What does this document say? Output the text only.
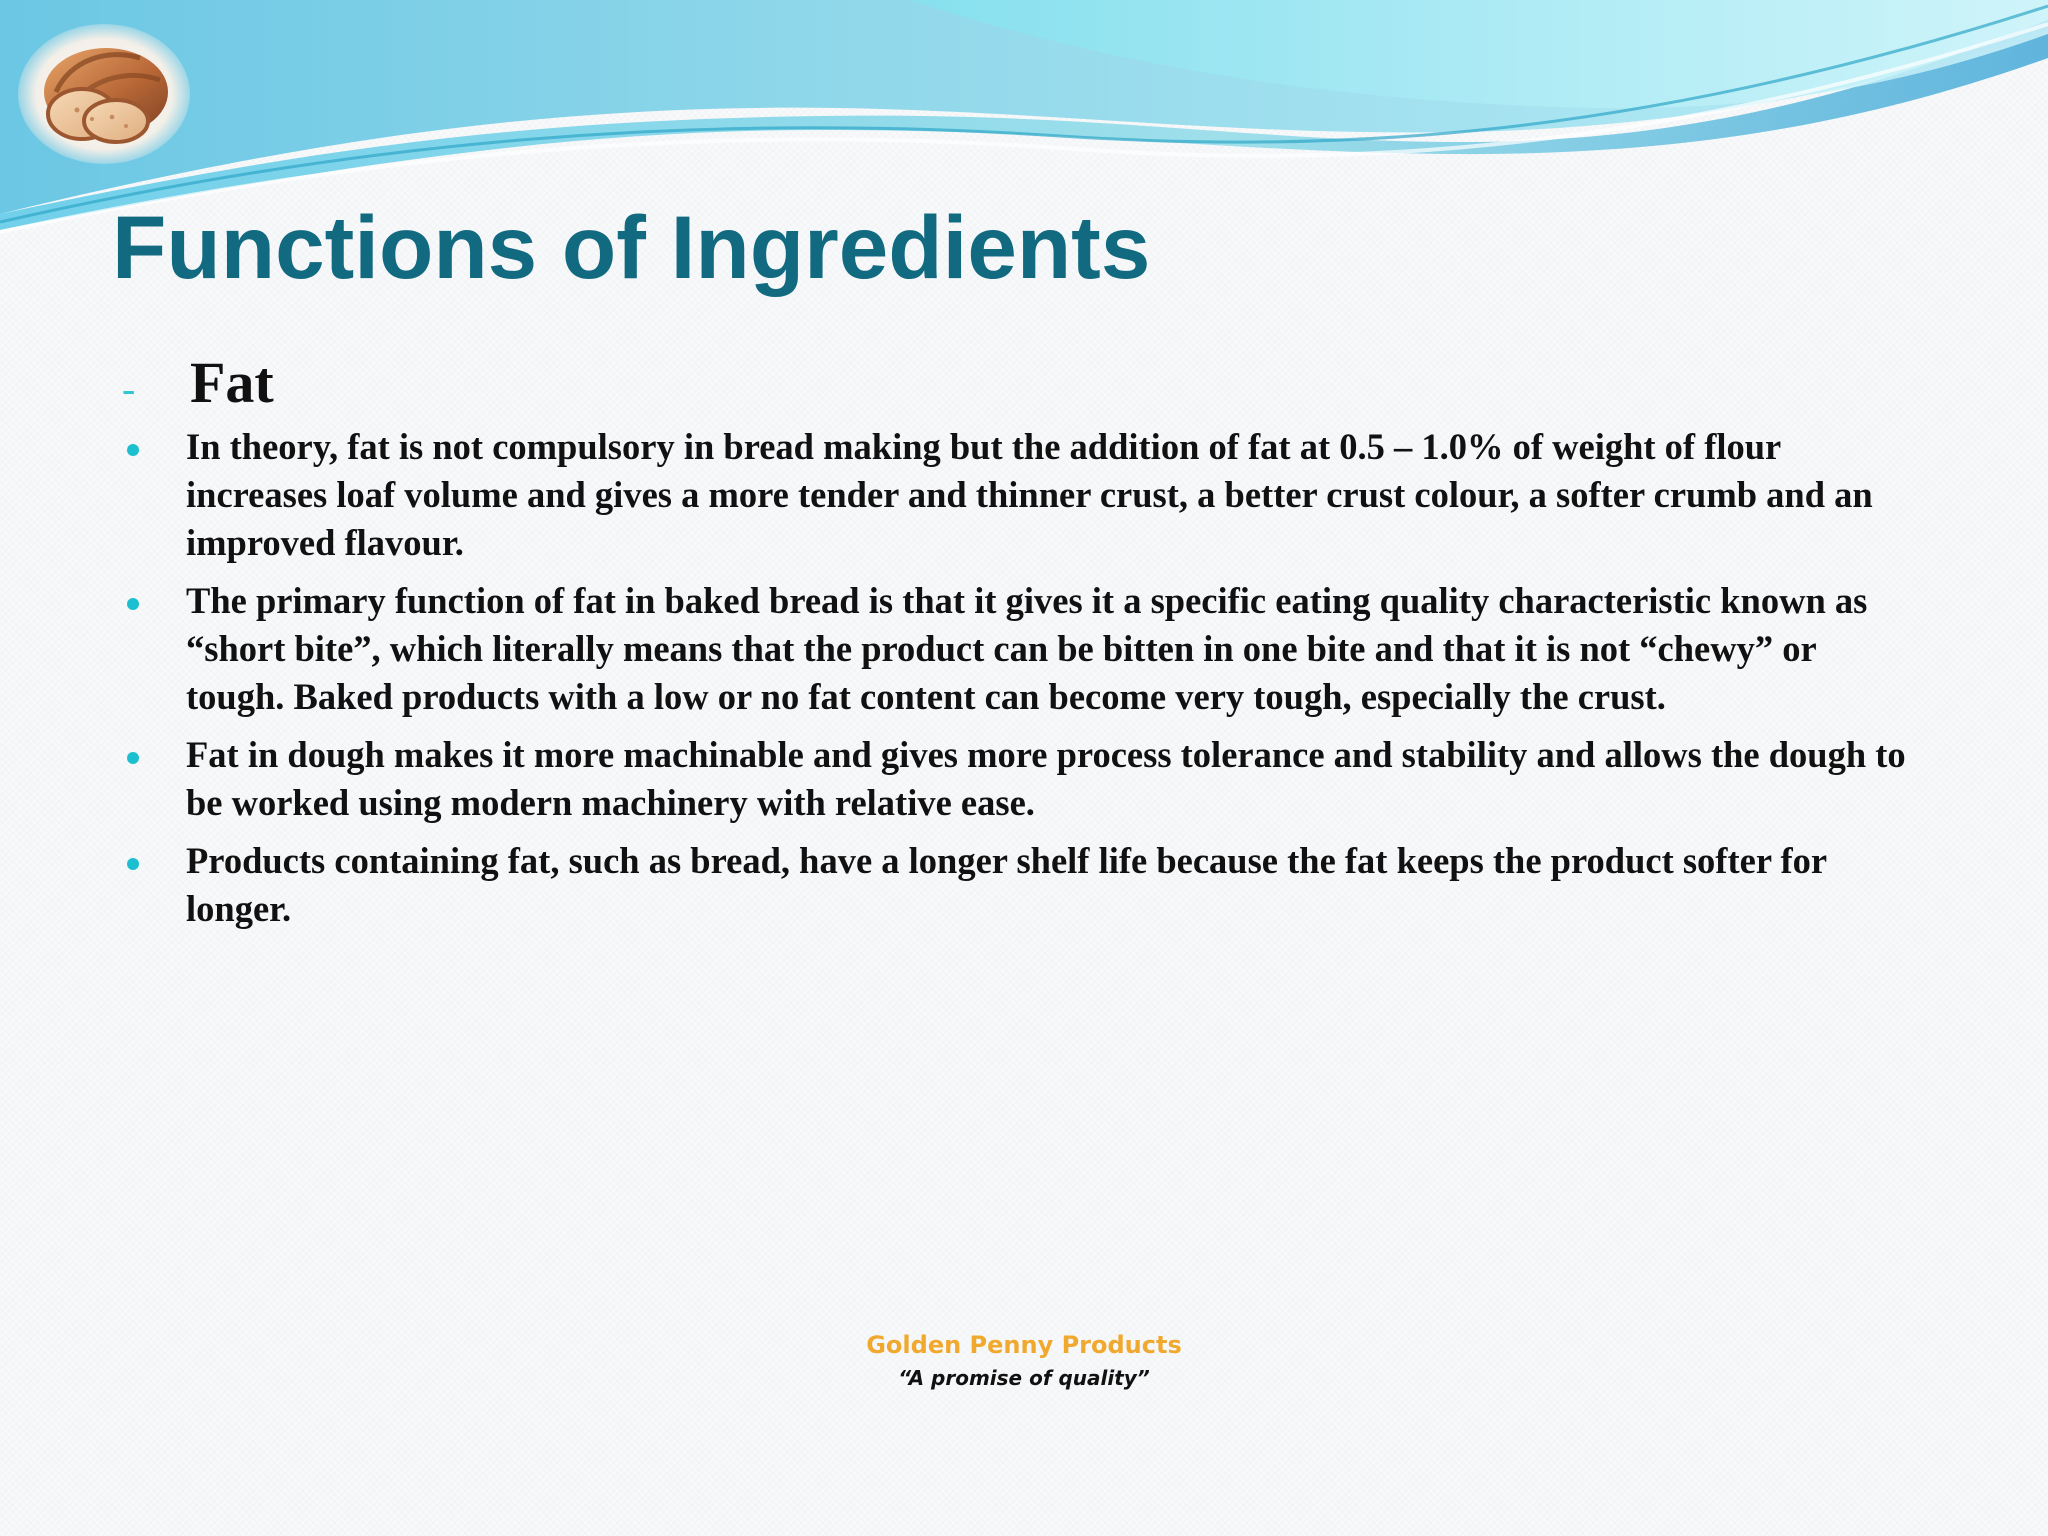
Functions of Ingredients
- Fat
In theory, fat is not compulsory in bread making but the addition of fat at 0.5 – 1.0% of weight of flour increases loaf volume and gives a more tender and thinner crust, a better crust colour, a softer crumb and an improved flavour.
The primary function of fat in baked bread is that it gives it a specific eating quality characteristic known as “short bite”, which literally means that the product can be bitten in one bite and that it is not “chewy” or tough. Baked products with a low or no fat content can become very tough, especially the crust.
Fat in dough makes it more machinable and gives more process tolerance and stability and allows the dough to be worked using modern machinery with relative ease.
Products containing fat, such as bread, have a longer shelf life because the fat keeps the product softer for longer.
Golden Penny Products
“A promise of quality”
